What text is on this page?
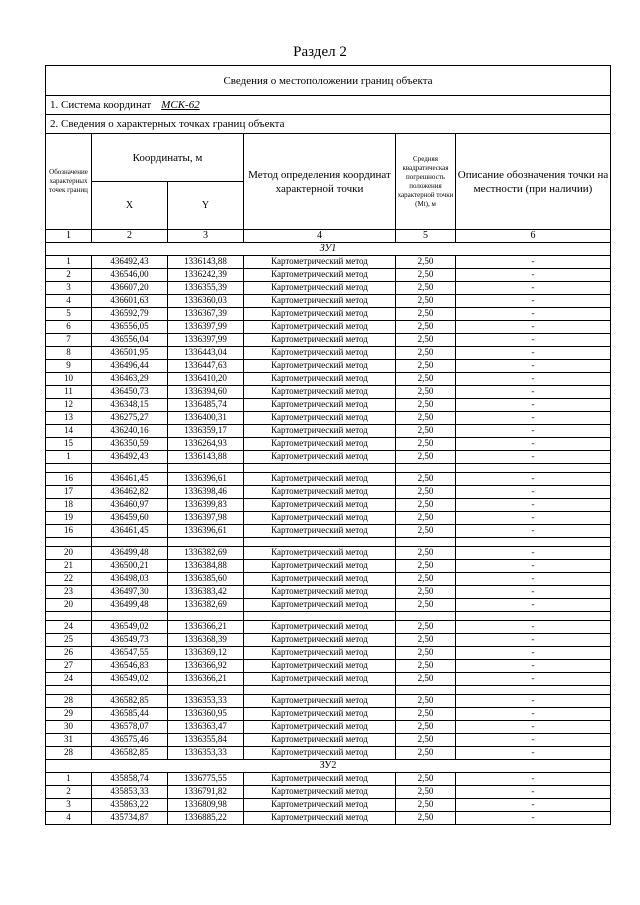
Раздел 2
Сведения о местоположении границ объекта					
1. Система координат МСК-62					
2. Сведения о характерных точках границ объекта					
Обозначение характерных точек границ	Координаты, м		Метод определения координат характерной точки	Средняя квадратическая погрешность положения характерной точки (Mt), м	Описание обозначения точки на местности (при наличии)
	X	Y			
1	2	3	4	5	6
ЗУ1					
1	436492,43	1336143,88	Картометрический метод	2,50	-
2	436546,00	1336242,39	Картометрический метод	2,50	-
3	436607,20	1336355,39	Картометрический метод	2,50	-
4	436601,63	1336360,03	Картометрический метод	2,50	-
5	436592,79	1336367,39	Картометрический метод	2,50	-
6	436556,05	1336397,99	Картометрический метод	2,50	-
7	436556,04	1336397,99	Картометрический метод	2,50	-
8	436501,95	1336443,04	Картометрический метод	2,50	-
9	436496,44	1336447,63	Картометрический метод	2,50	-
10	436463,29	1336410,20	Картометрический метод	2,50	-
11	436450,73	1336394,60	Картометрический метод	2,50	-
12	436348,15	1336485,74	Картометрический метод	2,50	-
13	436275,27	1336400,31	Картометрический метод	2,50	-
14	436240,16	1336359,17	Картометрический метод	2,50	-
15	436350,59	1336264,93	Картометрический метод	2,50	-
1	436492,43	1336143,88	Картометрический метод	2,50	-

16	436461,45	1336396,61	Картометрический метод	2,50	-
17	436462,82	1336398,46	Картометрический метод	2,50	-
18	436460,97	1336399,83	Картометрический метод	2,50	-
19	436459,60	1336397,98	Картометрический метод	2,50	-
16	436461,45	1336396,61	Картометрический метод	2,50	-

20	436499,48	1336382,69	Картометрический метод	2,50	-
21	436500,21	1336384,88	Картометрический метод	2,50	-
22	436498,03	1336385,60	Картометрический метод	2,50	-
23	436497,30	1336383,42	Картометрический метод	2,50	-
20	436499,48	1336382,69	Картометрический метод	2,50	-

24	436549,02	1336366,21	Картометрический метод	2,50	-
25	436549,73	1336368,39	Картометрический метод	2,50	-
26	436547,55	1336369,12	Картометрический метод	2,50	-
27	436546,83	1336366,92	Картометрический метод	2,50	-
24	436549,02	1336366,21	Картометрический метод	2,50	-

28	436582,85	1336353,33	Картометрический метод	2,50	-
29	436585,44	1336360,95	Картометрический метод	2,50	-
30	436578,07	1336363,47	Картометрический метод	2,50	-
31	436575,46	1336355,84	Картометрический метод	2,50	-
28	436582,85	1336353,33	Картометрический метод	2,50	-
ЗУ2					
1	435858,74	1336775,55	Картометрический метод	2,50	-
2	435853,33	1336791,82	Картометрический метод	2,50	-
3	435863,22	1336809,98	Картометрический метод	2,50	-
4	435734,87	1336885,22	Картометрический метод	2,50	-
